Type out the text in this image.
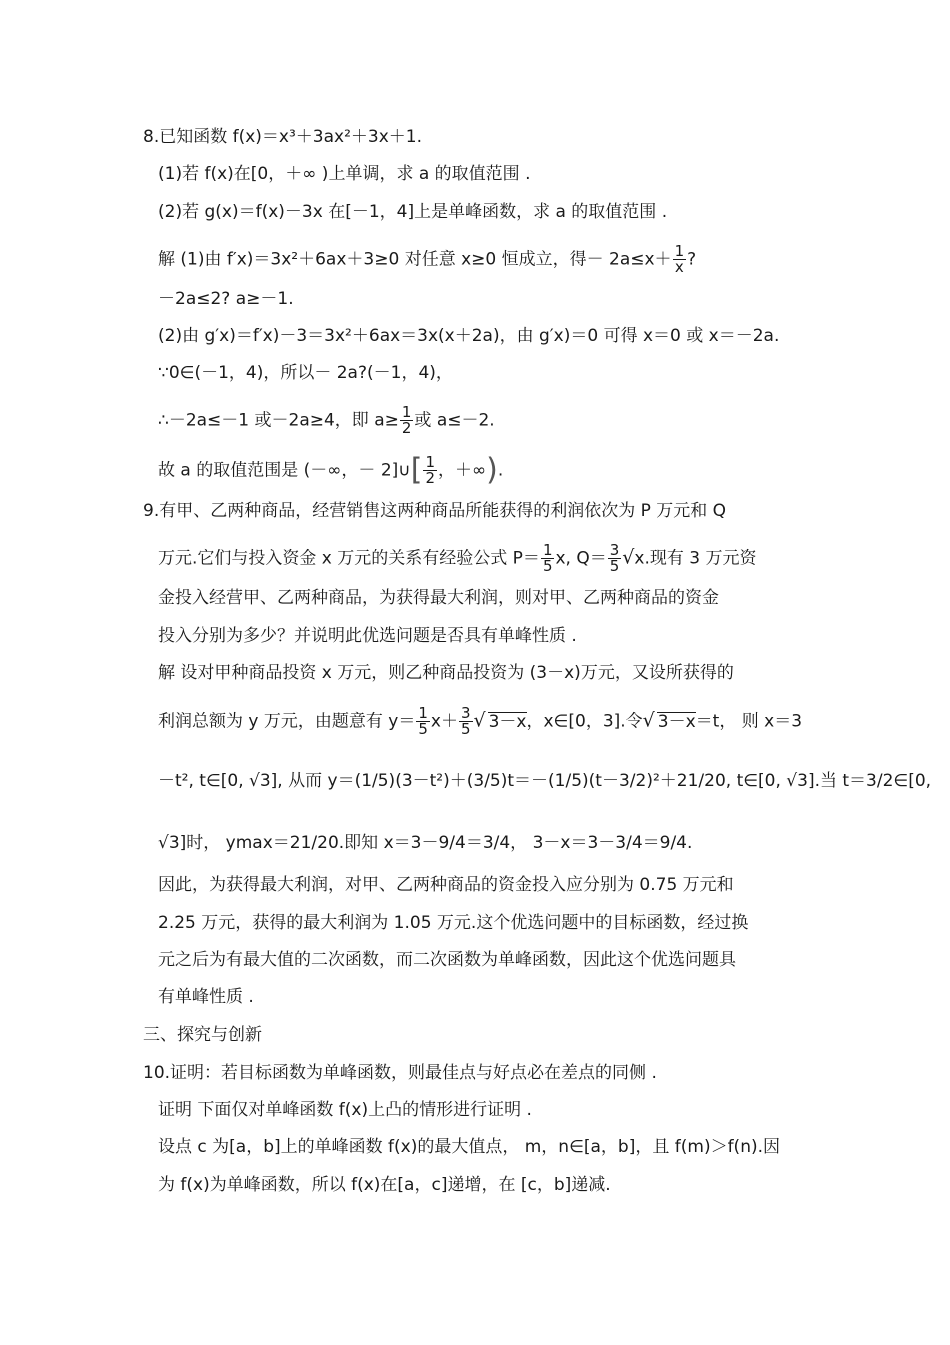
8.已知函数 f(x)＝x³＋3ax²＋3x＋1.
(1)若 f(x)在[0，＋∞ )上单调，求 a 的取值范围 .
(2)若 g(x)＝f(x)－3x 在[－1，4]上是单峰函数，求 a 的取值范围 .
解 (1)由 f′x)＝3x²＋6ax＋3≥0 对任意 x≥0 恒成立，得－ $2a\le x+ \frac{1}{x}$ ?
－2a≤2? a≥－1.
(2)由 g′x)＝f′x)－3＝3x²＋6ax＝3x(x＋2a)，由 g′x)＝0 可得 x＝0 或 x＝－2a.
∵0∈(－1，4)，所以－ 2a?(－1，4)，
∴－2a≤－1 或－2a≥4，即 $a\ge \frac{1}{2}$ 或 a≤－2.
故 a 的取值范围是 (－∞，－ 2]∪[ $\frac{1}{2}$ ，＋∞).
9.有甲、乙两种商品，经营销售这两种商品所能获得的利润依次为 P 万元和 Q
万元.它们与投入资金 x 万元的关系有经验公式 $P= \frac{1}{5} x$, $Q= \frac{3}{5} √x$.现有 3 万元资
金投入经营甲、乙两种商品，为获得最大利润，则对甲、乙两种商品的资金
投入分别为多少？并说明此优选问题是否具有单峰性质 .
解 设对甲种商品投资 x 万元，则乙种商品投资为 (3－x)万元，又设所获得的
利润总额为 y 万元，由题意有 $y= \frac{1}{5} x+ \frac{3}{5}$ √ 3－x，x∈[0，3].令√ 3－x＝t， 则 x＝3
－t², t∈[0, √3], 从而 y＝(1/5)(3－t²)＋(3/5)t＝－(1/5)(t－3/2)²＋21/20, t∈[0, √3].当 t＝3/2∈[0,
√3]时， ymax＝21/20.即知 x＝3－9/4＝3/4， 3－x＝3－3/4＝9/4.
因此，为获得最大利润，对甲、乙两种商品的资金投入应分别为 0.75 万元和
2.25 万元，获得的最大利润为 1.05 万元.这个优选问题中的目标函数，经过换
元之后为有最大值的二次函数，而二次函数为单峰函数，因此这个优选问题具
有单峰性质 .
三、探究与创新
10.证明：若目标函数为单峰函数，则最佳点与好点必在差点的同侧 .
证明 下面仅对单峰函数 f(x)上凸的情形进行证明 .
设点 c 为[a，b]上的单峰函数 f(x)的最大值点， m，n∈[a，b]，且 f(m)＞f(n).因
为 f(x)为单峰函数，所以 f(x)在[a，c]递增，在 [c，b]递减.
